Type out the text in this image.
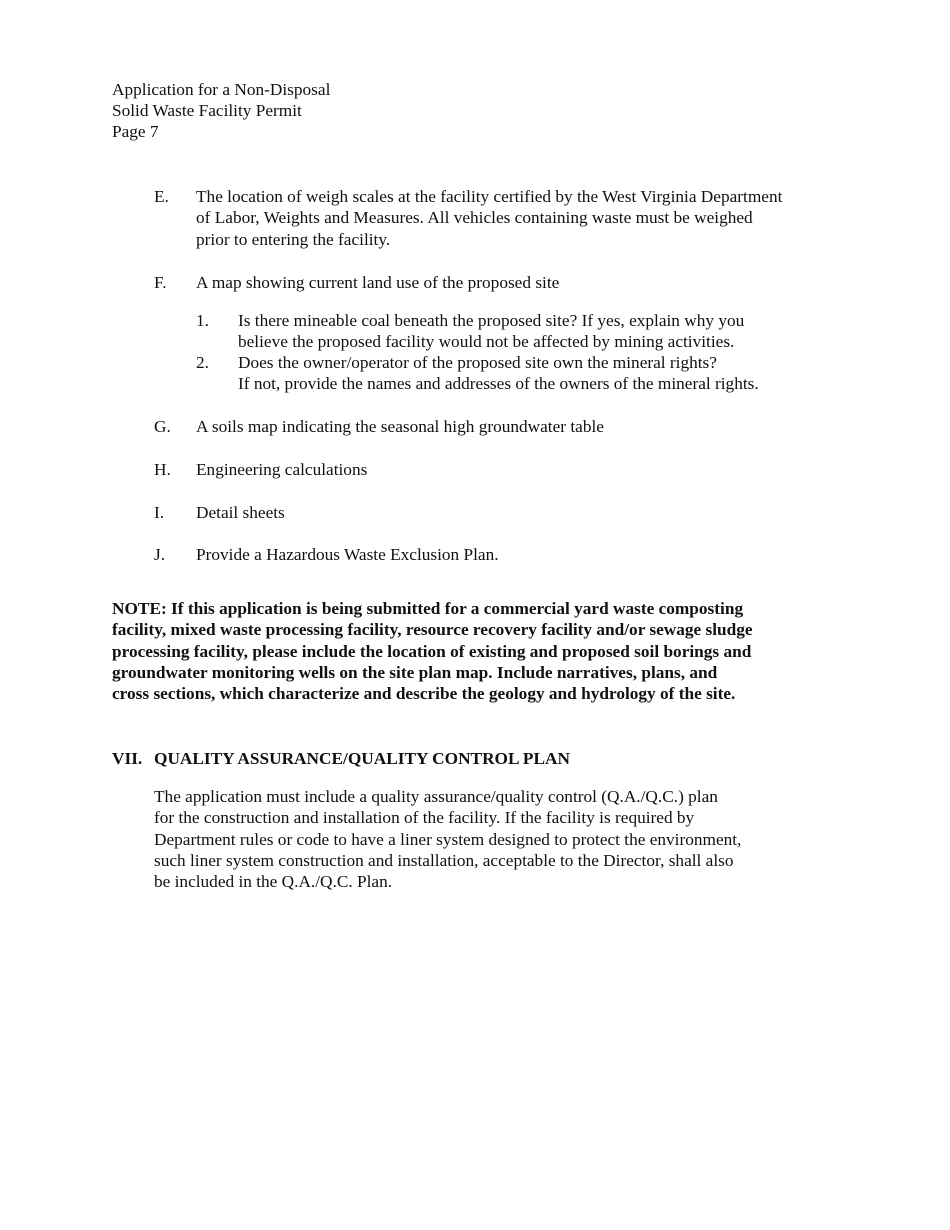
Application for a Non-Disposal
Solid Waste Facility Permit
Page 7
E. The location of weigh scales at the facility certified by the West Virginia Department
of Labor, Weights and Measures. All vehicles containing waste must be weighed
prior to entering the facility.
F. A map showing current land use of the proposed site
1. Is there mineable coal beneath the proposed site? If yes, explain why you
believe the proposed facility would not be affected by mining activities.
2. Does the owner/operator of the proposed site own the mineral rights?
If not, provide the names and addresses of the owners of the mineral rights.
G. A soils map indicating the seasonal high groundwater table
H. Engineering calculations
I. Detail sheets
J. Provide a Hazardous Waste Exclusion Plan.
NOTE: If this application is being submitted for a commercial yard waste composting
facility, mixed waste processing facility, resource recovery facility and/or sewage sludge
processing facility, please include the location of existing and proposed soil borings and
groundwater monitoring wells on the site plan map. Include narratives, plans, and
cross sections, which characterize and describe the geology and hydrology of the site.
VII. QUALITY ASSURANCE/QUALITY CONTROL PLAN
The application must include a quality assurance/quality control (Q.A./Q.C.) plan
for the construction and installation of the facility. If the facility is required by
Department rules or code to have a liner system designed to protect the environment,
such liner system construction and installation, acceptable to the Director, shall also
be included in the Q.A./Q.C. Plan.
